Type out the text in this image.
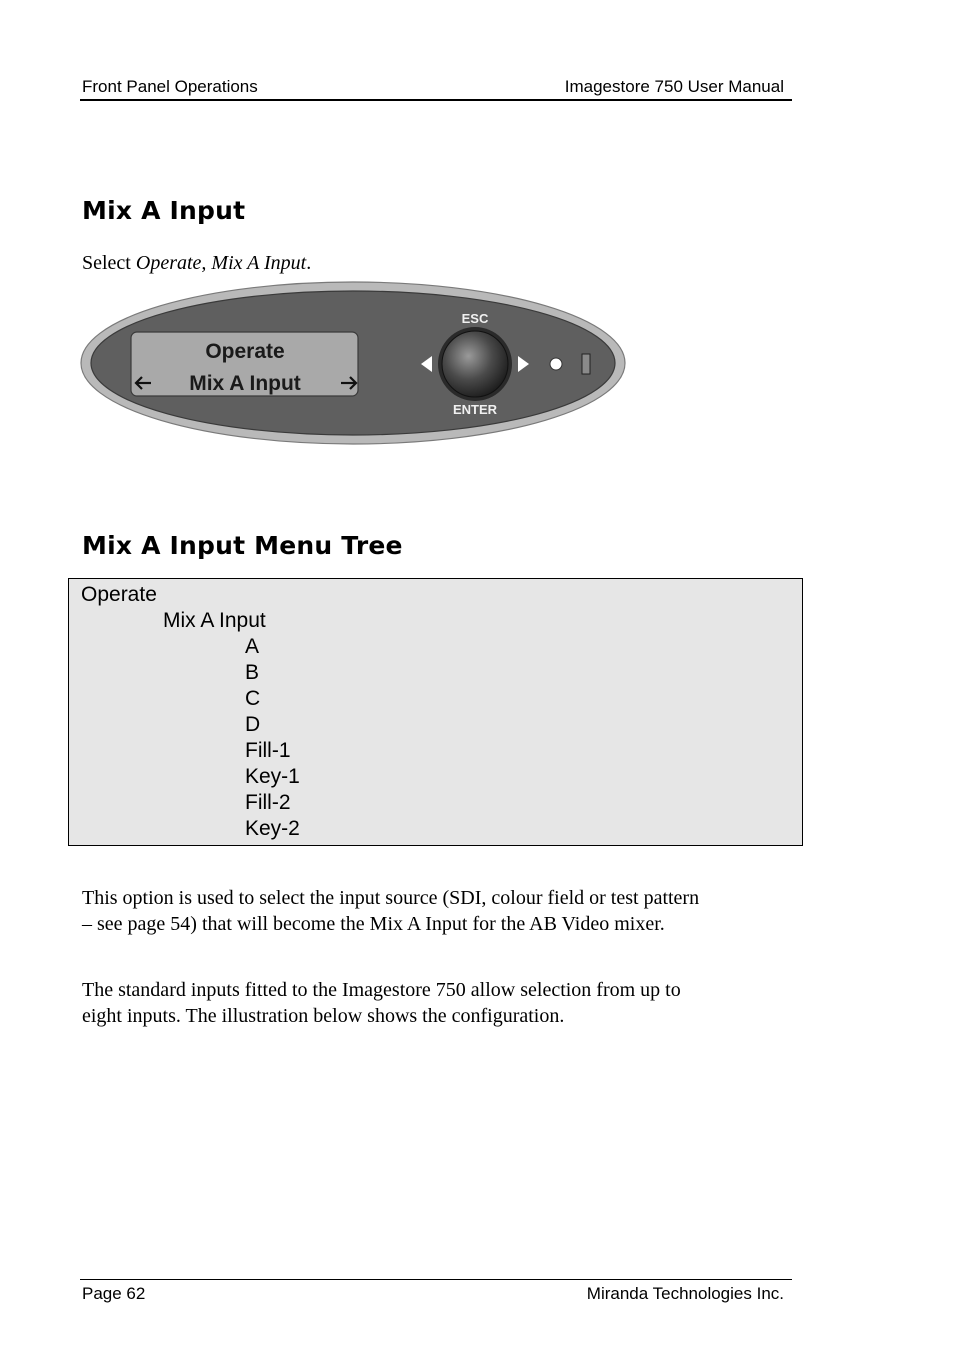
Front Panel Operations	Imagestore 750 User Manual
Mix A Input

Select Operate, Mix A Input.

Operate
Mix A Input
ESC
ENTER
Mix A Input Menu Tree
Operate
Mix A Input
A
B
C
D
Fill-1
Key-1
Fill-2
Key-2
This option is used to select the input source (SDI, colour field or test pattern
– see page 54) that will become the Mix A Input for the AB Video mixer.
The standard inputs fitted to the Imagestore 750 allow selection from up to
eight inputs. The illustration below shows the configuration.
Page 62	Miranda Technologies Inc.
